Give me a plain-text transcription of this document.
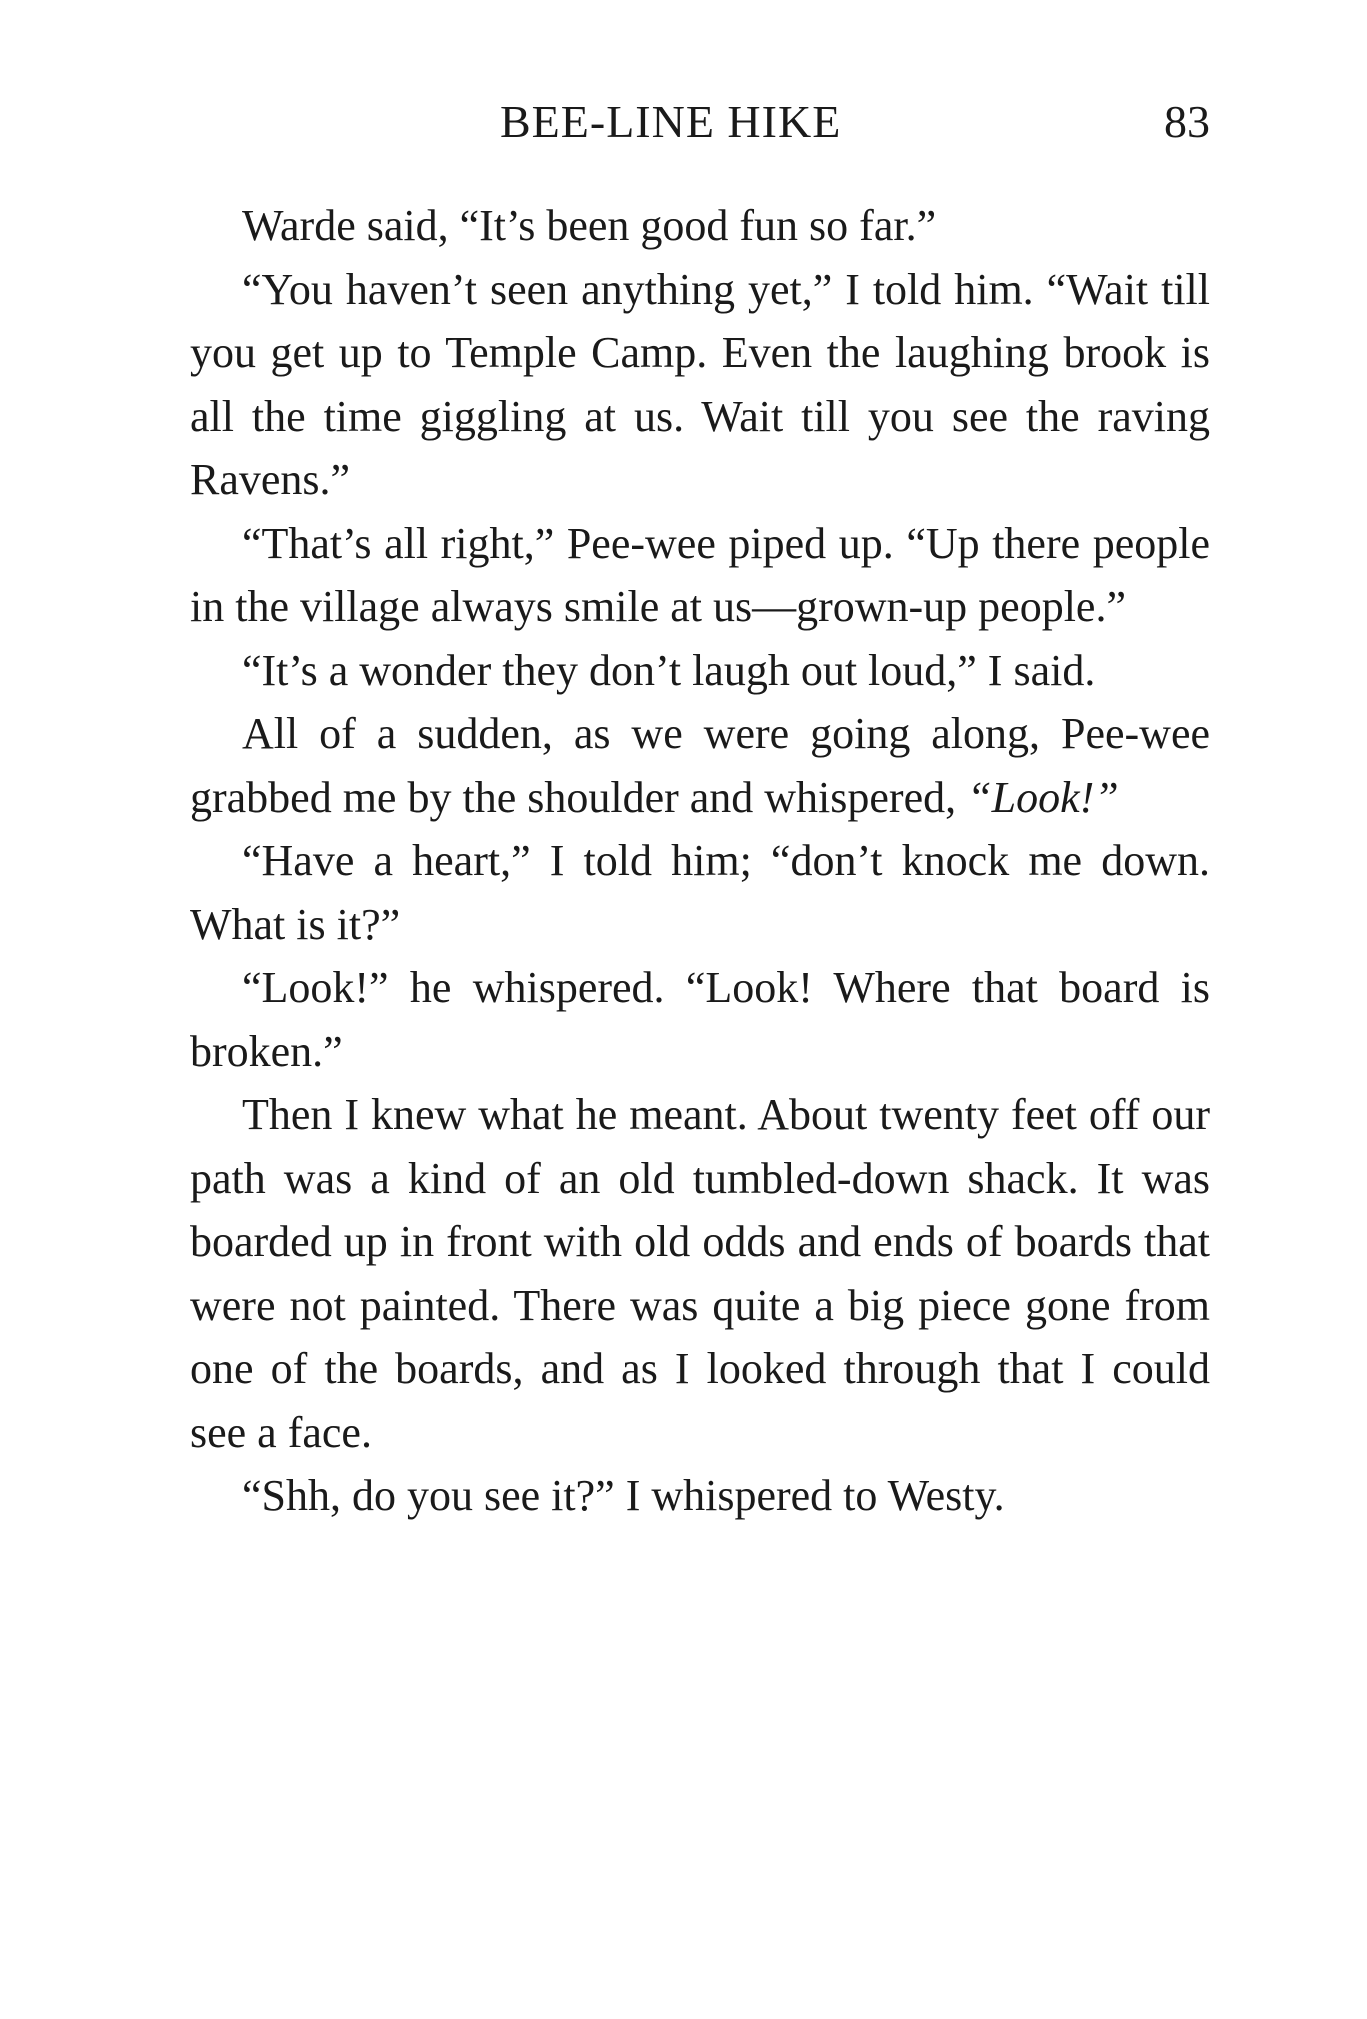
BEE-LINE HIKE	83

Warde said, “It’s been good fun so far.”

“You haven’t seen anything yet,” I told him. “Wait till you get up to Temple Camp. Even the laughing brook is all the time giggling at us. Wait till you see the raving Ravens.”

“That’s all right,” Pee-wee piped up. “Up there people in the village always smile at us—grown-up people.”

“It’s a wonder they don’t laugh out loud,” I said.

All of a sudden, as we were going along, Pee-wee grabbed me by the shoulder and whispered, “Look!”

“Have a heart,” I told him; “don’t knock me down. What is it?”

“Look!” he whispered. “Look! Where that board is broken.”

Then I knew what he meant. About twenty feet off our path was a kind of an old tumbled-down shack. It was boarded up in front with old odds and ends of boards that were not painted. There was quite a big piece gone from one of the boards, and as I looked through that I could see a face.

“Shh, do you see it?” I whispered to Westy.
